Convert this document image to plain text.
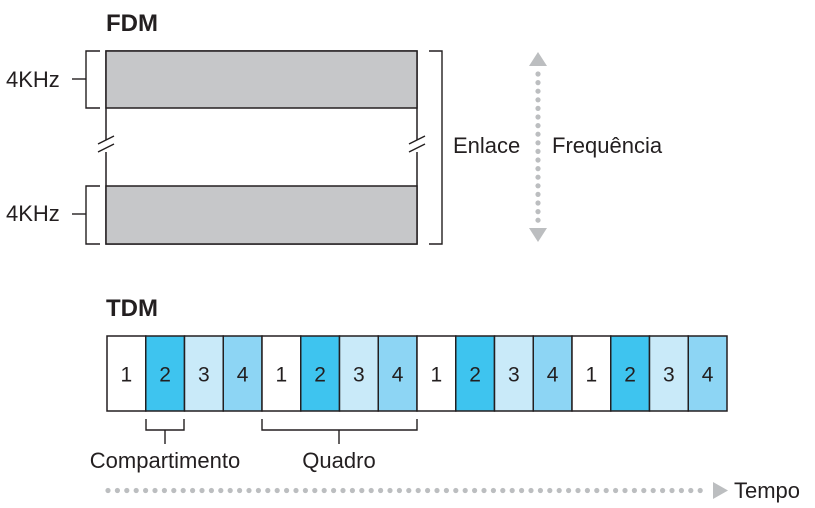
FDM
4KHz
4KHz
Enlace Frequência
TDM
1 2 3 4 1 2 3 4 1 2 3 4 1 2 3 4
Compartimento	Quadro
Tempo
